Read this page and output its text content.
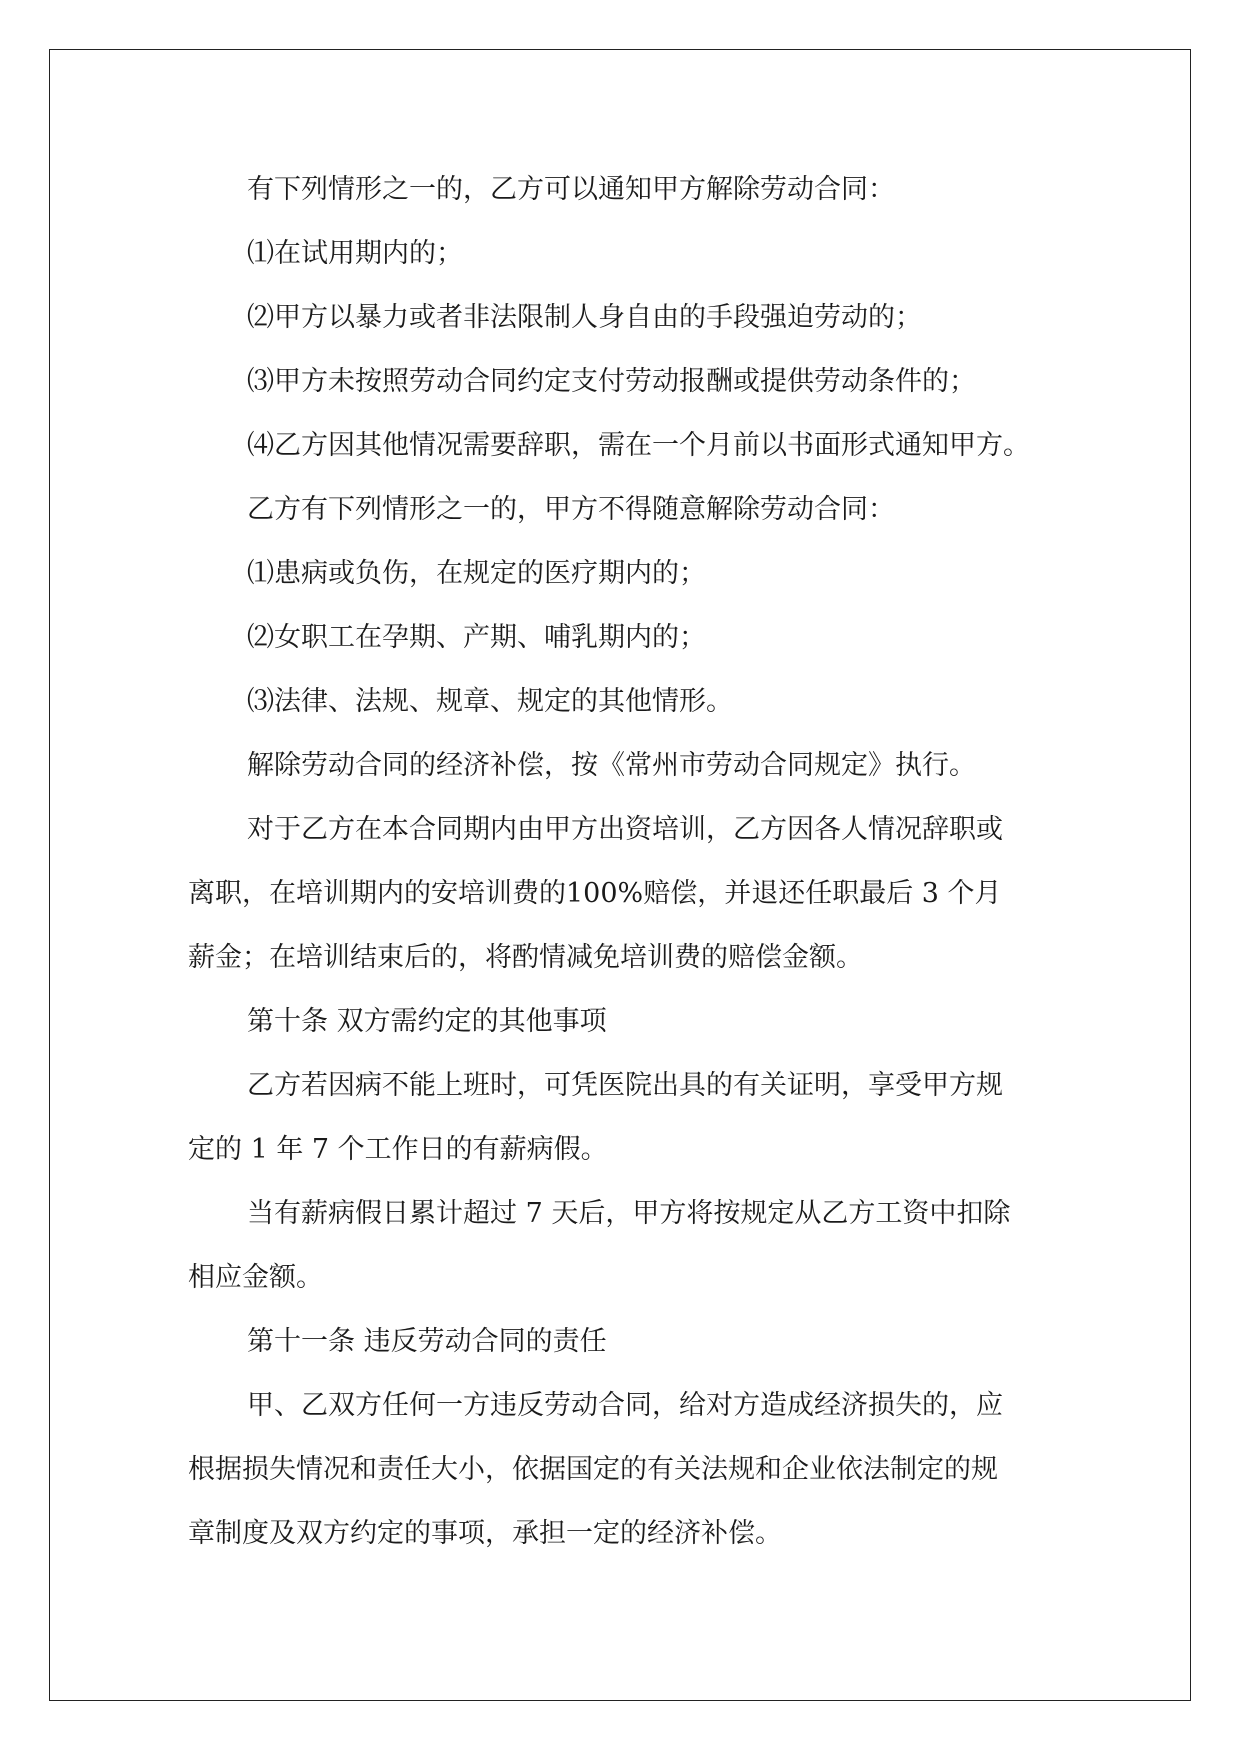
有下列情形之一的，乙方可以通知甲方解除劳动合同：

⑴在试用期内的；

⑵甲方以暴力或者非法限制人身自由的手段强迫劳动的；

⑶甲方未按照劳动合同约定支付劳动报酬或提供劳动条件的；

⑷乙方因其他情况需要辞职，需在一个月前以书面形式通知甲方。

乙方有下列情形之一的，甲方不得随意解除劳动合同：

⑴患病或负伤，在规定的医疗期内的；

⑵女职工在孕期、产期、哺乳期内的；

⑶法律、法规、规章、规定的其他情形。

解除劳动合同的经济补偿，按《常州市劳动合同规定》执行。

对于乙方在本合同期内由甲方出资培训，乙方因各人情况辞职或

离职，在培训期内的安培训费的100%赔偿，并退还任职最后 3 个月

薪金；在培训结束后的，将酌情减免培训费的赔偿金额。

第十条 双方需约定的其他事项

乙方若因病不能上班时，可凭医院出具的有关证明，享受甲方规

定的 1 年 7 个工作日的有薪病假。

当有薪病假日累计超过 7 天后，甲方将按规定从乙方工资中扣除

相应金额。

第十一条 违反劳动合同的责任

甲、乙双方任何一方违反劳动合同，给对方造成经济损失的，应

根据损失情况和责任大小，依据国定的有关法规和企业依法制定的规

章制度及双方约定的事项，承担一定的经济补偿。
